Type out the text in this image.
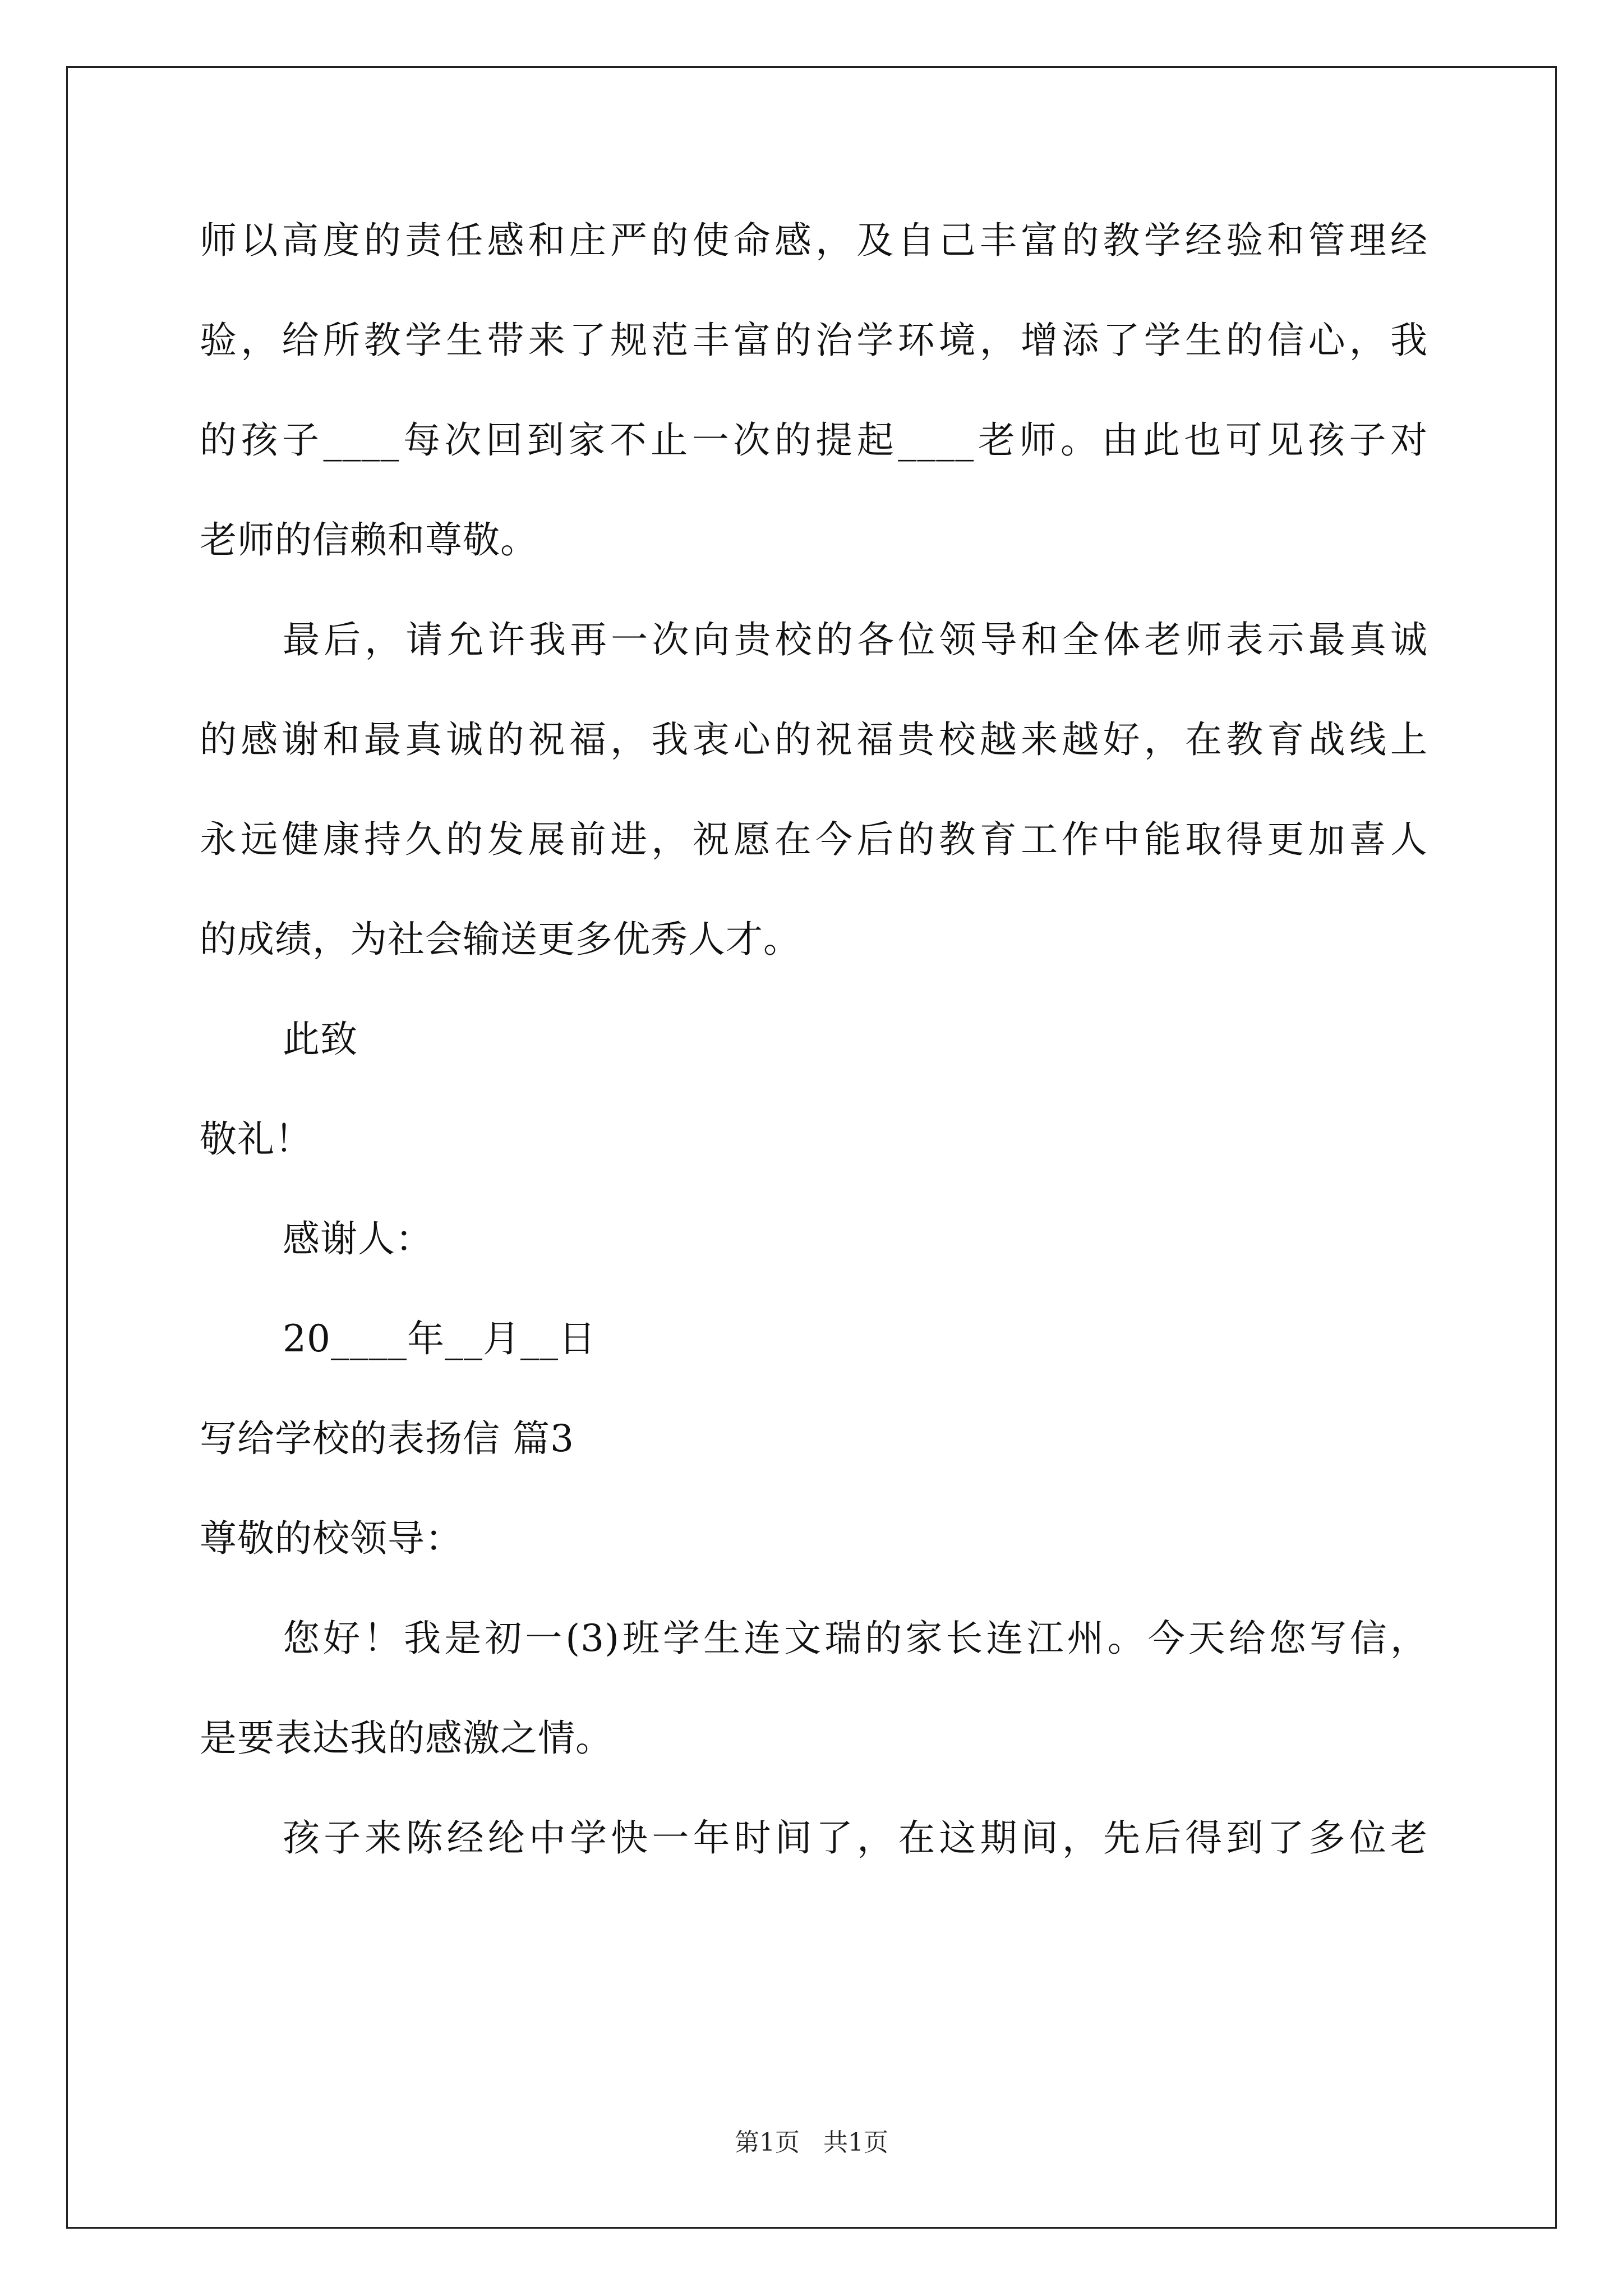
师以高度的责任感和庄严的使命感，及自己丰富的教学经验和管理经
验，给所教学生带来了规范丰富的治学环境，增添了学生的信心，我
的孩子____每次回到家不止一次的提起____老师。由此也可见孩子对
老师的信赖和尊敬。
最后，请允许我再一次向贵校的各位领导和全体老师表示最真诚
的感谢和最真诚的祝福，我衷心的祝福贵校越来越好，在教育战线上
永远健康持久的发展前进，祝愿在今后的教育工作中能取得更加喜人
的成绩，为社会输送更多优秀人才。
此致
敬礼！
感谢人：
20____年__月__日
写给学校的表扬信 篇3
尊敬的校领导：
您好！我是初一(3)班学生连文瑞的家长连江州。今天给您写信，
是要表达我的感激之情。
孩子来陈经纶中学快一年时间了，在这期间，先后得到了多位老
第1页   共1页
